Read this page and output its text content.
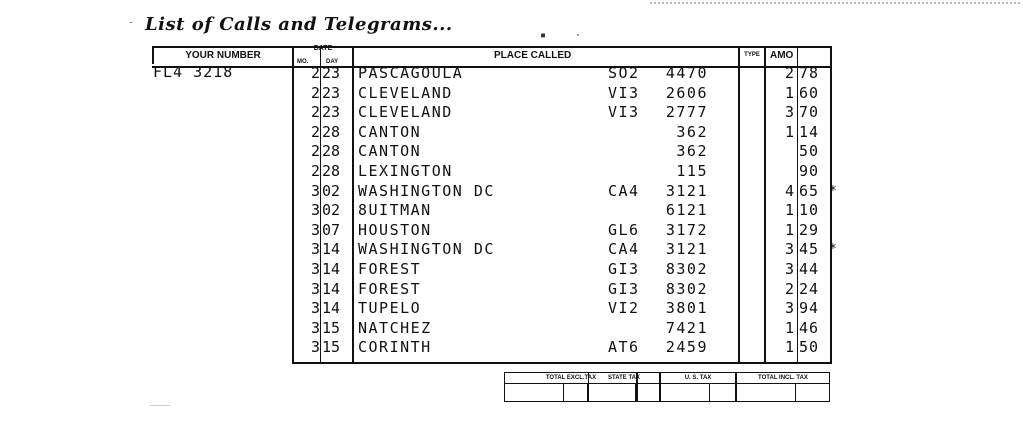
List of Calls and Telegrams...
⁻
▪	·
YOUR NUMBER
DATE
MO.	DAY
PLACE CALLED	TYPE	AMO
FL4 3218	2 23	PASCAGOULA	SO2	4470	2 78
2 23	CLEVELAND	VI3	2606	1 60
2 23	CLEVELAND	VI3	2777	3 70
2 28	CANTON	362	1 14
2 28	CANTON	362	50
2 28	LEXINGTON	115	90
3 02	WASHINGTON DC	CA4	3121	4 65 *
3 02	8UITMAN	6121	1 10
3 07	HOUSTON	GL6	3172	1 29
3 14	WASHINGTON DC	CA4	3121	3 45 *
3 14	FOREST	GI3	8302	3 44
3 14	FOREST	GI3	8302	2 24
3 14	TUPELO	VI2	3801	3 94
3 15	NATCHEZ	7421	1 46
3 15	CORINTH	AT6	2459	1 50
TOTAL EXCL.TAX	STATE TAX	U. S. TAX	TOTAL INCL. TAX
